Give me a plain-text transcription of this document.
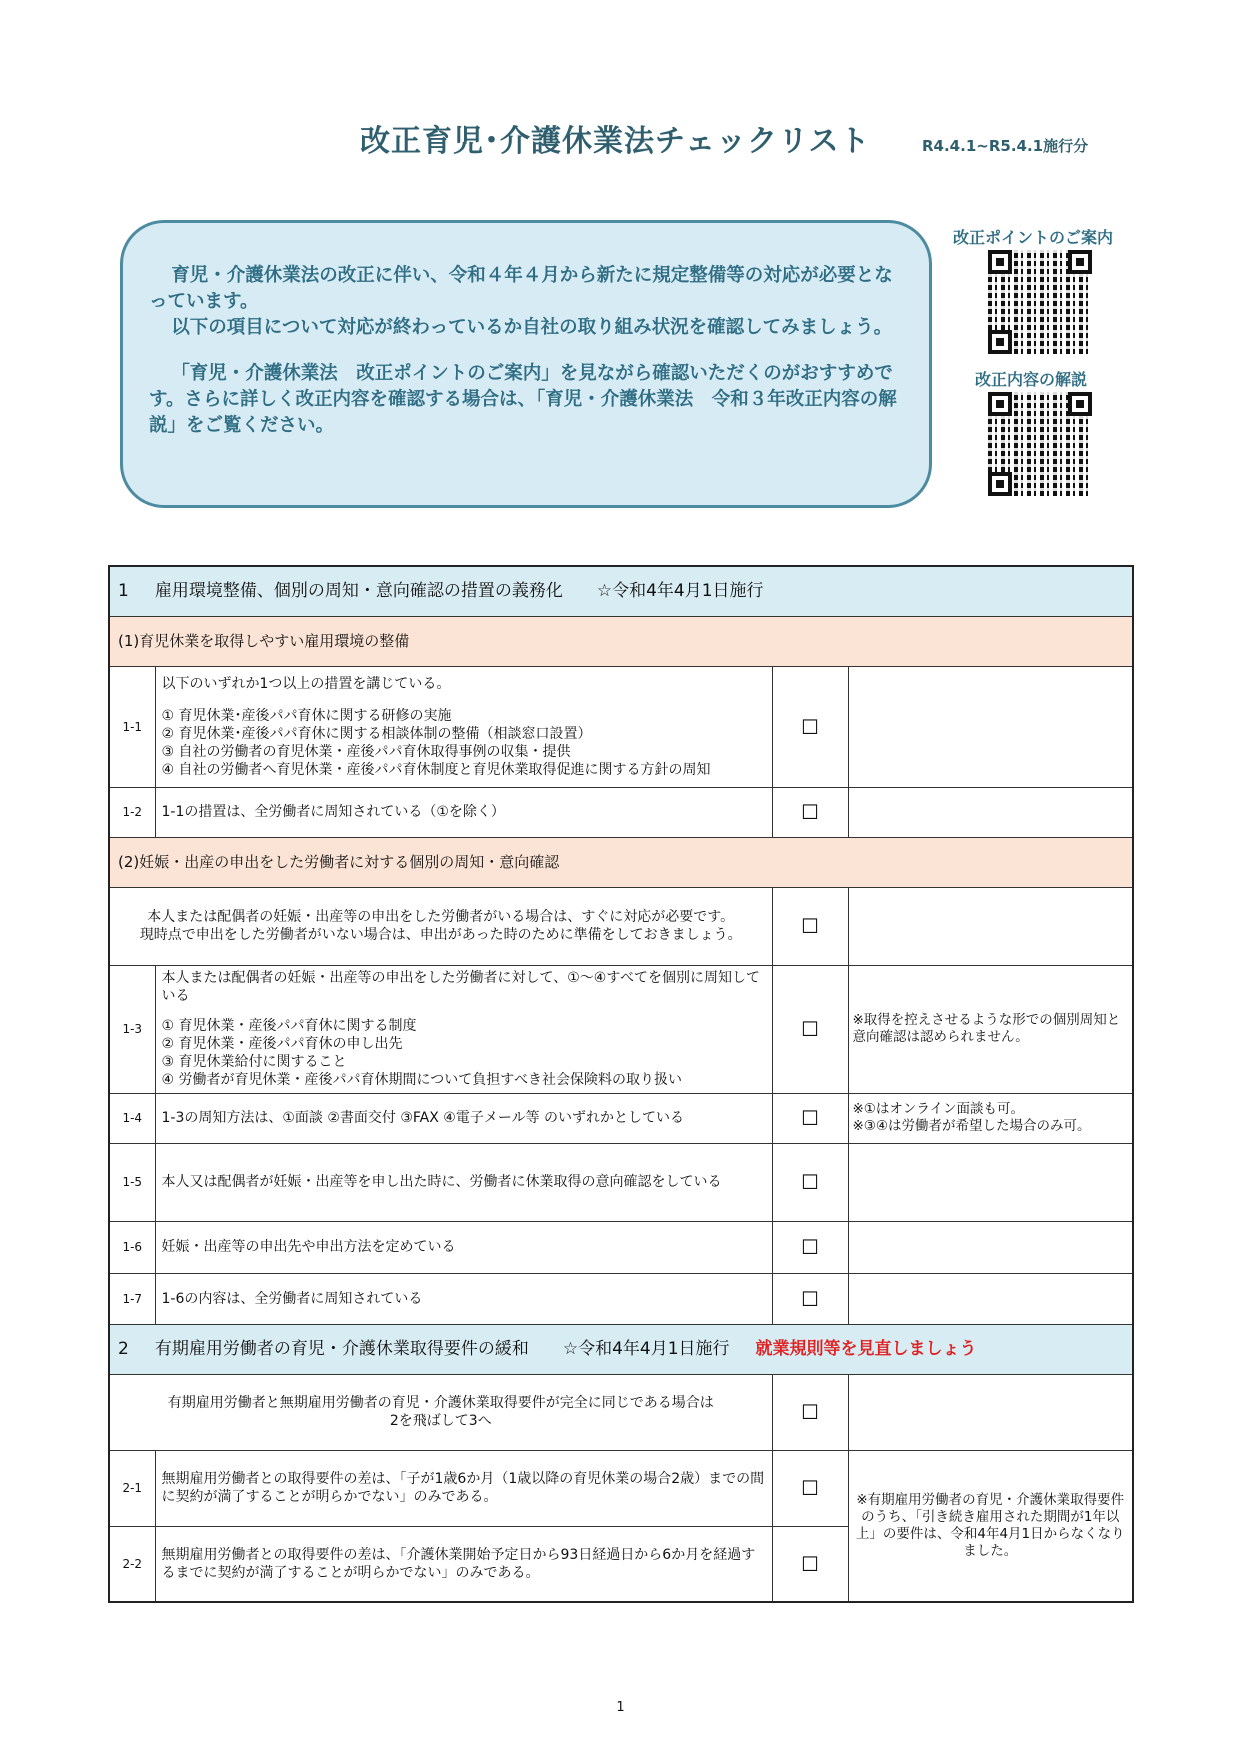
改正育児･介護休業法チェックリスト	R4.4.1~R5.4.1施行分

育児・介護休業法の改正に伴い、令和４年４月から新たに規定整備等の対応が必要となっています。

以下の項目について対応が終わっているか自社の取り組み状況を確認してみましょう。

「育児・介護休業法　改正ポイントのご案内」を見ながら確認いただくのがおすすめです。さらに詳しく改正内容を確認する場合は、「育児・介護休業法　令和３年改正内容の解説」をご覧ください。

改正ポイントのご案内
改正内容の解説
1 雇用環境整備、個別の周知・意向確認の措置の義務化 ☆令和4年4月1日施行			
(1)育児休業を取得しやすい雇用環境の整備			
1-1	以下のいずれか1つ以上の措置を講じている。
① 育児休業･産後パパ育休に関する研修の実施
② 育児休業･産後パパ育休に関する相談体制の整備（相談窓口設置）
③ 自社の労働者の育児休業・産後パパ育休取得事例の収集・提供
④ 自社の労働者へ育児休業・産後パパ育休制度と育児休業取得促進に関する方針の周知	☐	
1-2	1-1の措置は、全労働者に周知されている（①を除く）	☐	
(2)妊娠・出産の申出をした労働者に対する個別の周知・意向確認			

本人または配偶者の妊娠・出産等の申出をした労働者がいる場合は、すぐに対応が必要です。
現時点で申出をした労働者がいない場合は、申出があった時のために準備をしておきましょう。		☐	
1-3	本人または配偶者の妊娠・出産等の申出をした労働者に対して、①～④すべてを個別に周知している
① 育児休業・産後パパ育休に関する制度
② 育児休業・産後パパ育休の申し出先
③ 育児休業給付に関すること
④ 労働者が育児休業・産後パパ育休期間について負担すべき社会保険料の取り扱い	☐	※取得を控えさせるような形での個別周知と意向確認は認められません。
1-4	1-3の周知方法は、①面談 ②書面交付 ③FAX ④電子メール等 のいずれかとしている	☐	※①はオンライン面談も可。
※③④は労働者が希望した場合のみ可。

1-5	本人又は配偶者が妊娠・出産等を申し出た時に、労働者に休業取得の意向確認をしている	☐	
1-6	妊娠・出産等の申出先や申出方法を定めている	☐	
1-7	1-6の内容は、全労働者に周知されている	☐	
2 有期雇用労働者の育児・介護休業取得要件の緩和 ☆令和4年4月1日施行 就業規則等を見直しましょう			

有期雇用労働者と無期雇用労働者の育児・介護休業取得要件が完全に同じである場合は
2を飛ばして3へ		☐	
2-1	無期雇用労働者との取得要件の差は、「子が1歳6か月（1歳以降の育児休業の場合2歳）までの間に契約が満了することが明らかでない」のみである。	☐	※有期雇用労働者の育児・介護休業取得要件のうち、「引き続き雇用された期間が1年以上」の要件は、令和4年4月1日からなくなりました。
2-2	無期雇用労働者との取得要件の差は、「介護休業開始予定日から93日経過日から6か月を経過するまでに契約が満了することが明らかでない」のみである。	☐	
1
